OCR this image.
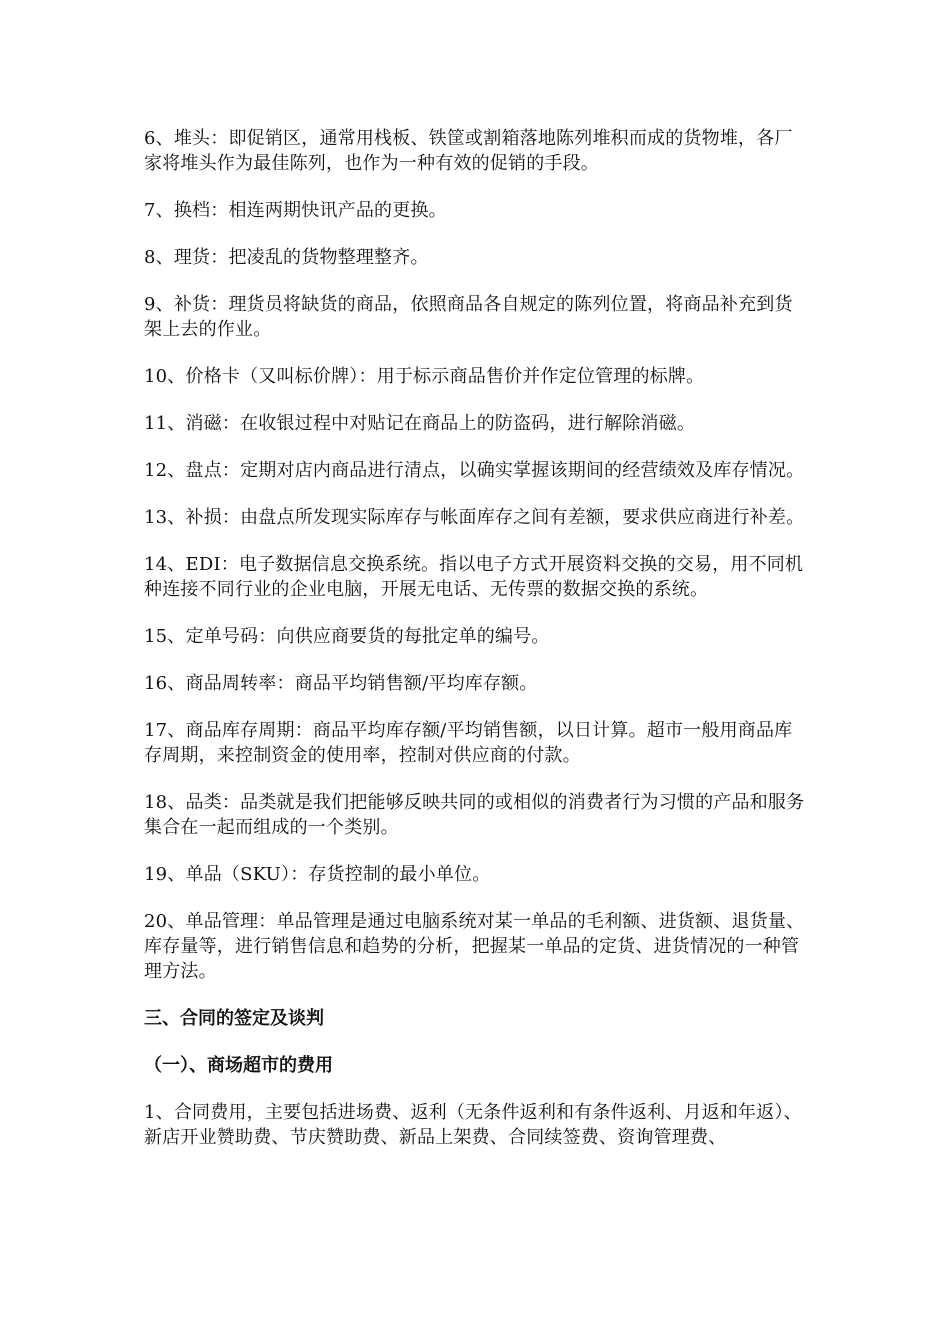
6、堆头：即促销区，通常用栈板、铁筐或割箱落地陈列堆积而成的货物堆，各厂家将堆头作为最佳陈列，也作为一种有效的促销的手段。

7、换档：相连两期快讯产品的更换。

8、理货：把凌乱的货物整理整齐。

9、补货：理货员将缺货的商品，依照商品各自规定的陈列位置，将商品补充到货架上去的作业。

10、价格卡（又叫标价牌）：用于标示商品售价并作定位管理的标牌。

11、消磁：在收银过程中对贴记在商品上的防盗码，进行解除消磁。

12、盘点：定期对店内商品进行清点，以确实掌握该期间的经营绩效及库存情况。

13、补损：由盘点所发现实际库存与帐面库存之间有差额，要求供应商进行补差。

14、EDI：电子数据信息交换系统。指以电子方式开展资料交换的交易，用不同机种连接不同行业的企业电脑，开展无电话、无传票的数据交换的系统。

15、定单号码：向供应商要货的每批定单的编号。

16、商品周转率：商品平均销售额/平均库存额。

17、商品库存周期：商品平均库存额/平均销售额，以日计算。超市一般用商品库存周期，来控制资金的使用率，控制对供应商的付款。

18、品类：品类就是我们把能够反映共同的或相似的消费者行为习惯的产品和服务集合在一起而组成的一个类别。

19、单品（SKU）：存货控制的最小单位。

20、单品管理：单品管理是通过电脑系统对某一单品的毛利额、进货额、退货量、库存量等，进行销售信息和趋势的分析，把握某一单品的定货、进货情况的一种管理方法。

三、合同的签定及谈判

（一）、商场超市的费用

1、合同费用，主要包括进场费、返利（无条件返利和有条件返利、月返和年返）、新店开业赞助费、节庆赞助费、新品上架费、合同续签费、资询管理费、
